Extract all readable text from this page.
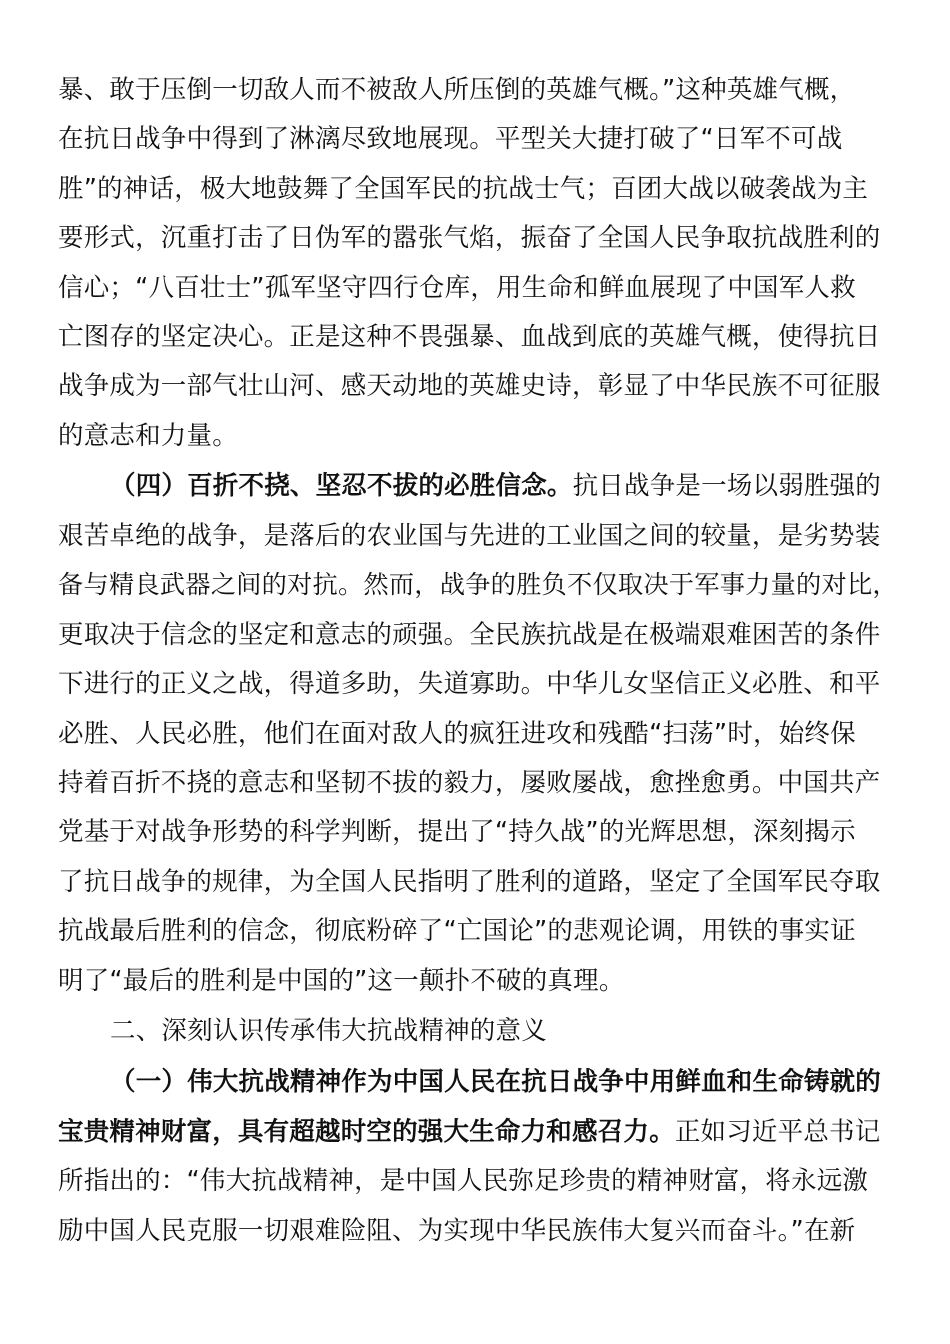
暴、敢于压倒一切敌人而不被敌人所压倒的英雄气概。”这种英雄气概，
在抗日战争中得到了淋漓尽致地展现。平型关大捷打破了“日军不可战
胜”的神话，极大地鼓舞了全国军民的抗战士气；百团大战以破袭战为主
要形式，沉重打击了日伪军的嚣张气焰，振奋了全国人民争取抗战胜利的
信心；“八百壮士”孤军坚守四行仓库，用生命和鲜血展现了中国军人救
亡图存的坚定决心。正是这种不畏强暴、血战到底的英雄气概，使得抗日
战争成为一部气壮山河、感天动地的英雄史诗，彰显了中华民族不可征服
的意志和力量。
（四）百折不挠、坚忍不拔的必胜信念。抗日战争是一场以弱胜强的
艰苦卓绝的战争，是落后的农业国与先进的工业国之间的较量，是劣势装
备与精良武器之间的对抗。然而，战争的胜负不仅取决于军事力量的对比，
更取决于信念的坚定和意志的顽强。全民族抗战是在极端艰难困苦的条件
下进行的正义之战，得道多助，失道寡助。中华儿女坚信正义必胜、和平
必胜、人民必胜，他们在面对敌人的疯狂进攻和残酷“扫荡”时，始终保
持着百折不挠的意志和坚韧不拔的毅力，屡败屡战，愈挫愈勇。中国共产
党基于对战争形势的科学判断，提出了“持久战”的光辉思想，深刻揭示
了抗日战争的规律，为全国人民指明了胜利的道路，坚定了全国军民夺取
抗战最后胜利的信念，彻底粉碎了“亡国论”的悲观论调，用铁的事实证
明了“最后的胜利是中国的”这一颠扑不破的真理。
二、深刻认识传承伟大抗战精神的意义
（一）伟大抗战精神作为中国人民在抗日战争中用鲜血和生命铸就的
宝贵精神财富，具有超越时空的强大生命力和感召力。正如习近平总书记
所指出的：“伟大抗战精神，是中国人民弥足珍贵的精神财富，将永远激
励中国人民克服一切艰难险阻、为实现中华民族伟大复兴而奋斗。”在新
